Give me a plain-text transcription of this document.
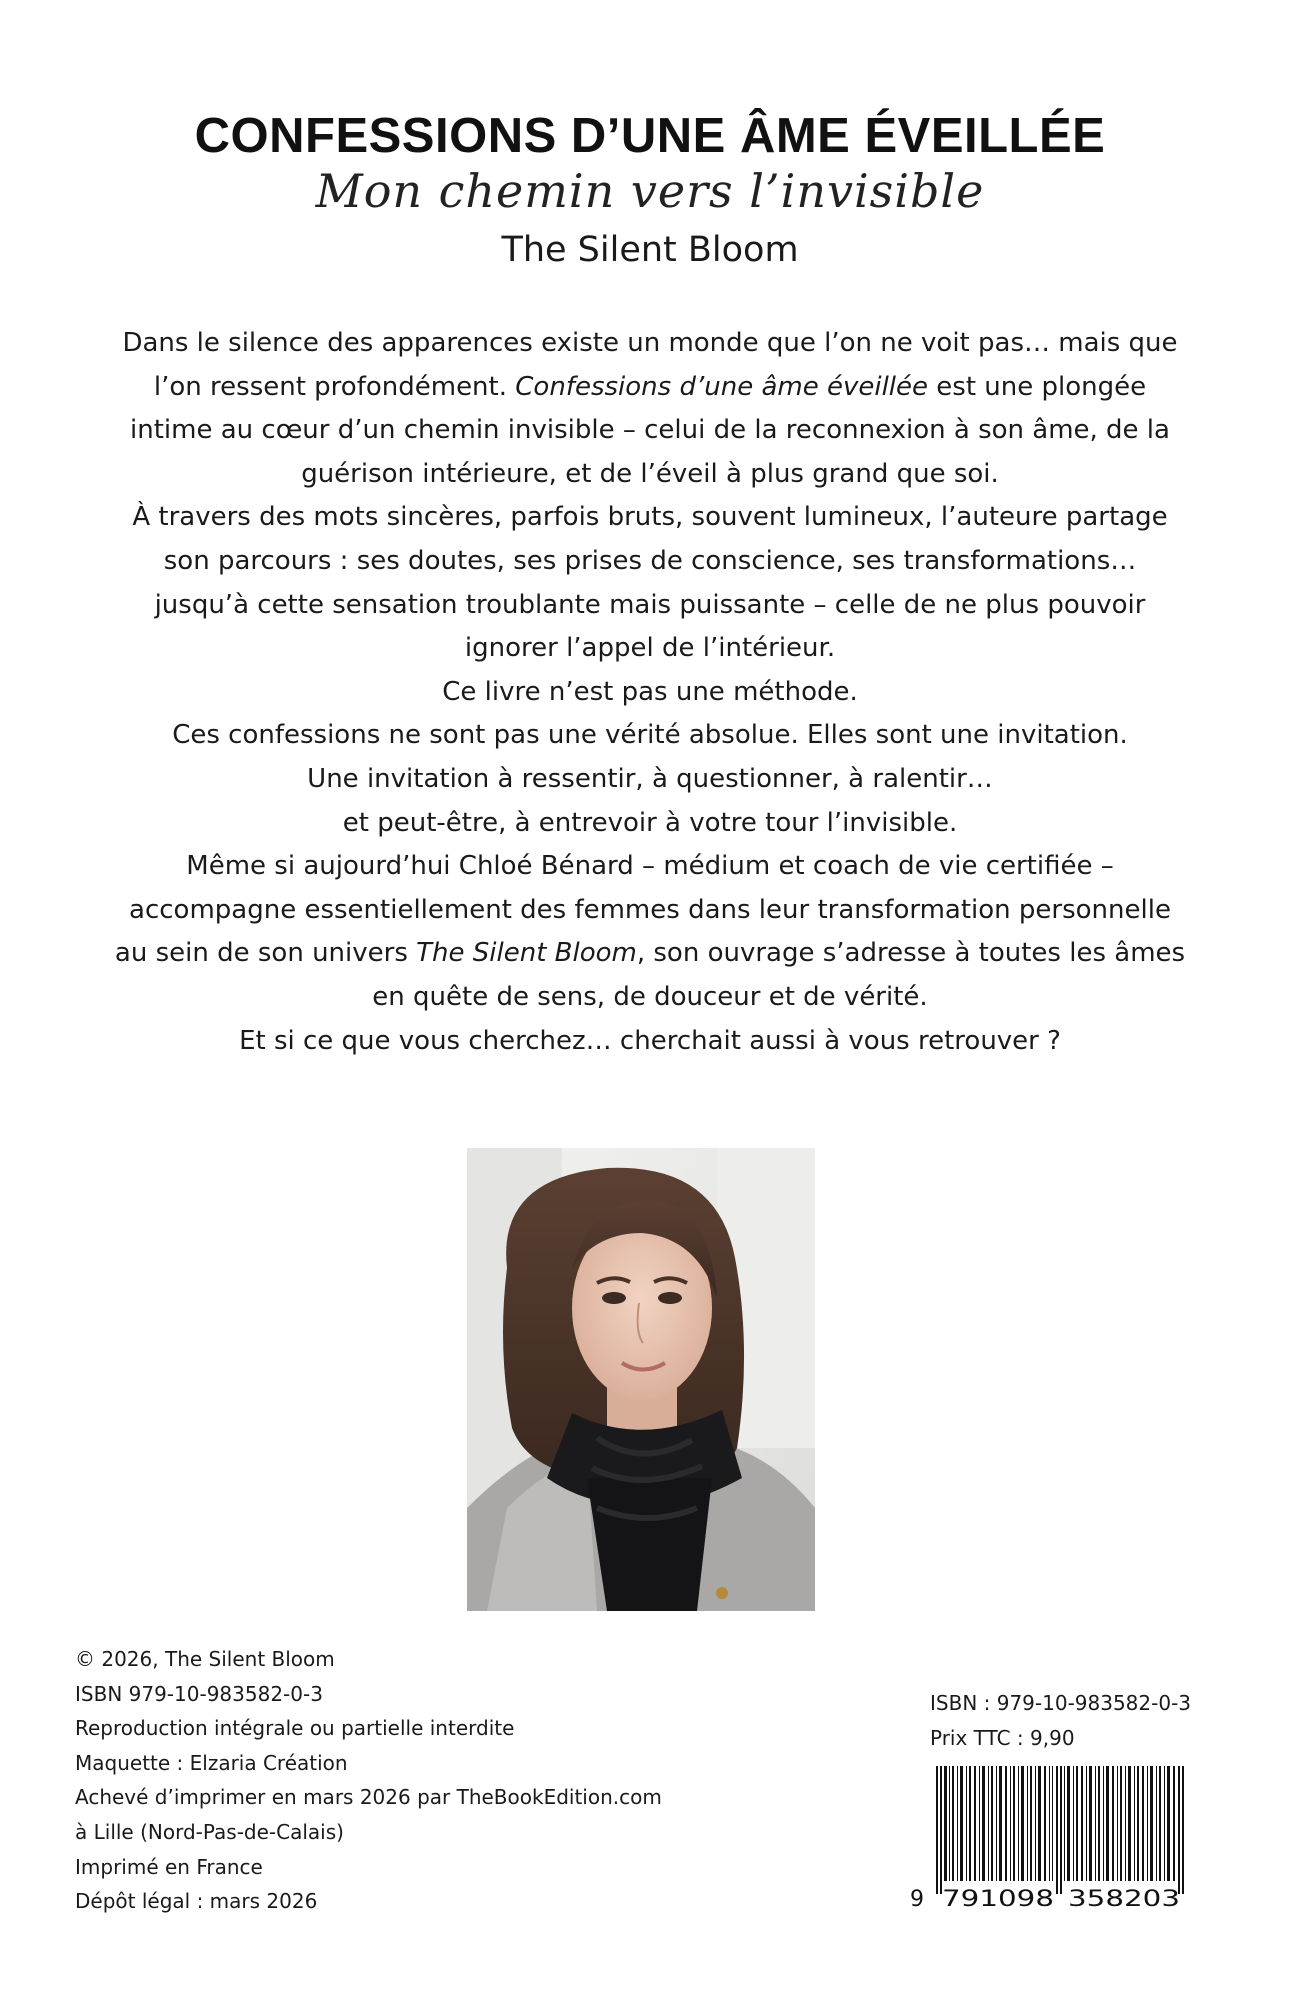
CONFESSIONS D’UNE ÂME ÉVEILLÉE
Mon chemin vers l’invisible
The Silent Bloom

Dans le silence des apparences existe un monde que l’on ne voit pas… mais que

l’on ressent profondément. Confessions d’une âme éveillée est une plongée

intime au cœur d’un chemin invisible – celui de la reconnexion à son âme, de la

guérison intérieure, et de l’éveil à plus grand que soi.

À travers des mots sincères, parfois bruts, souvent lumineux, l’auteure partage

son parcours : ses doutes, ses prises de conscience, ses transformations…

jusqu’à cette sensation troublante mais puissante – celle de ne plus pouvoir

ignorer l’appel de l’intérieur.

Ce livre n’est pas une méthode.

Ces confessions ne sont pas une vérité absolue. Elles sont une invitation.

Une invitation à ressentir, à questionner, à ralentir…

et peut-être, à entrevoir à votre tour l’invisible.

Même si aujourd’hui Chloé Bénard – médium et coach de vie certifiée –

accompagne essentiellement des femmes dans leur transformation personnelle

au sein de son univers The Silent Bloom, son ouvrage s’adresse à toutes les âmes

en quête de sens, de douceur et de vérité.

Et si ce que vous cherchez… cherchait aussi à vous retrouver ?

© 2026, The Silent Bloom

ISBN 979-10-983582-0-3

Reproduction intégrale ou partielle interdite

Maquette : Elzaria Création

Achevé d’imprimer en mars 2026 par TheBookEdition.com

à Lille (Nord-Pas-de-Calais)

Imprimé en France

Dépôt légal : mars 2026

ISBN : 979-10-983582-0-3

Prix TTC : 9,90

9 791098 358203
